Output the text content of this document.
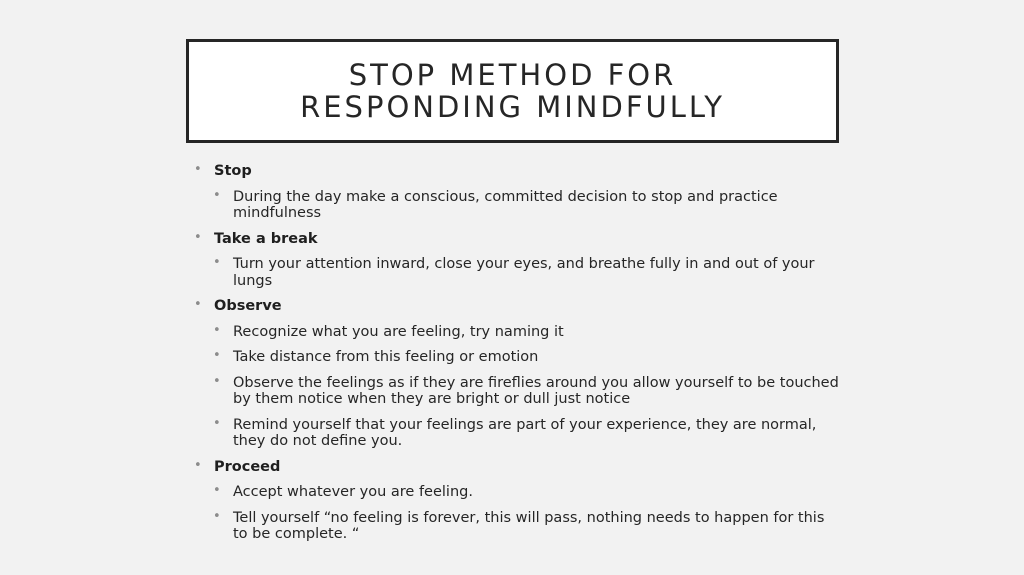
STOP METHOD FOR RESPONDING MINDFULLY
• Stop
• During the day make a conscious, committed decision to stop and practice mindfulness
• Take a break
• Turn your attention inward, close your eyes, and breathe fully in and out of your lungs
• Observe
• Recognize what you are feeling, try naming it
• Take distance from this feeling or emotion
• Observe the feelings as if they are fireflies around you allow yourself to be touched by them notice when they are bright or dull just notice
• Remind yourself that your feelings are part of your experience, they are normal, they do not define you.
• Proceed
• Accept whatever you are feeling.
• Tell yourself “no feeling is forever, this will pass, nothing needs to happen for this to be complete. “
